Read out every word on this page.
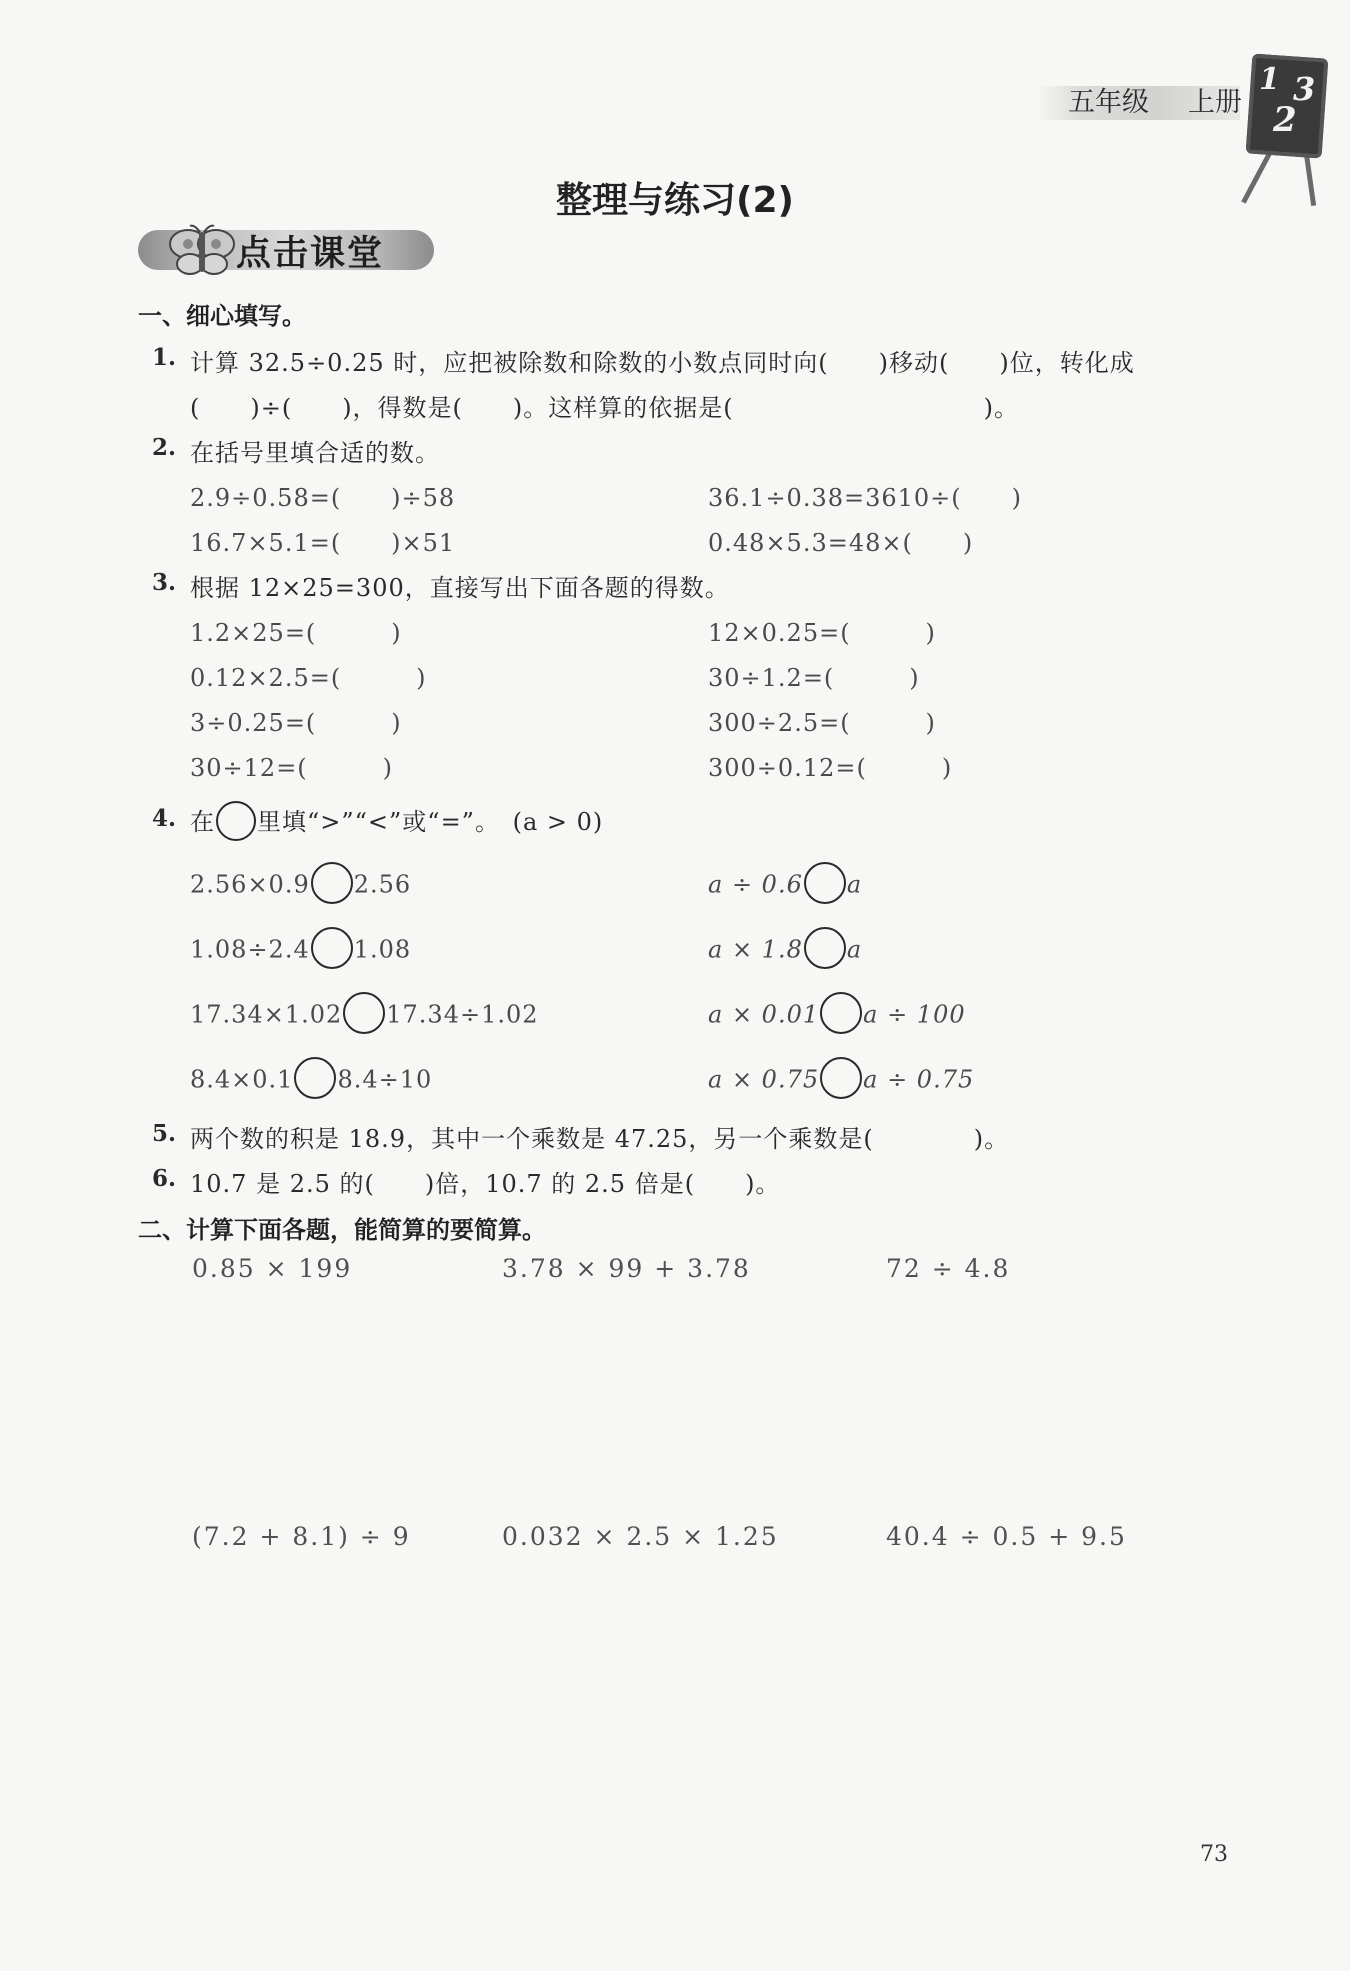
五年级 上册
1 3
2
整理与练习(2)
点击课堂
一、细心填写。
1. 计算 32.5÷0.25 时，应把被除数和除数的小数点同时向(　　)移动(　　)位，转化成
(　　)÷(　　)，得数是(　　)。这样算的依据是(　　　　　　　　　　)。
2. 在括号里填合适的数。
2.9÷0.58=(　　)÷58	36.1÷0.38=3610÷(　　)
16.7×5.1=(　　)×51	0.48×5.3=48×(　　)
3. 根据 12×25=300，直接写出下面各题的得数。
1.2×25=(　　　)	12×0.25=(　　　)
0.12×2.5=(　　　)	30÷1.2=(　　　)
3÷0.25=(　　　)	300÷2.5=(　　　)
30÷12=(　　　)	300÷0.12=(　　　)
4. 在 里填“>”“<”或“=”。 (a > 0)
2.56×0.9 2.56	a ÷ 0.6 a
1.08÷2.4 1.08	a × 1.8 a
17.34×1.02 17.34÷1.02	a × 0.01 a ÷ 100
8.4×0.1 8.4÷10	a × 0.75 a ÷ 0.75
5. 两个数的积是 18.9，其中一个乘数是 47.25，另一个乘数是(　　　　)。
6. 10.7 是 2.5 的(　　)倍，10.7 的 2.5 倍是(　　)。
二、计算下面各题，能简算的要简算。
0.85 × 199	3.78 × 99 + 3.78	72 ÷ 4.8
(7.2 + 8.1) ÷ 9	0.032 × 2.5 × 1.25	40.4 ÷ 0.5 + 9.5
73
